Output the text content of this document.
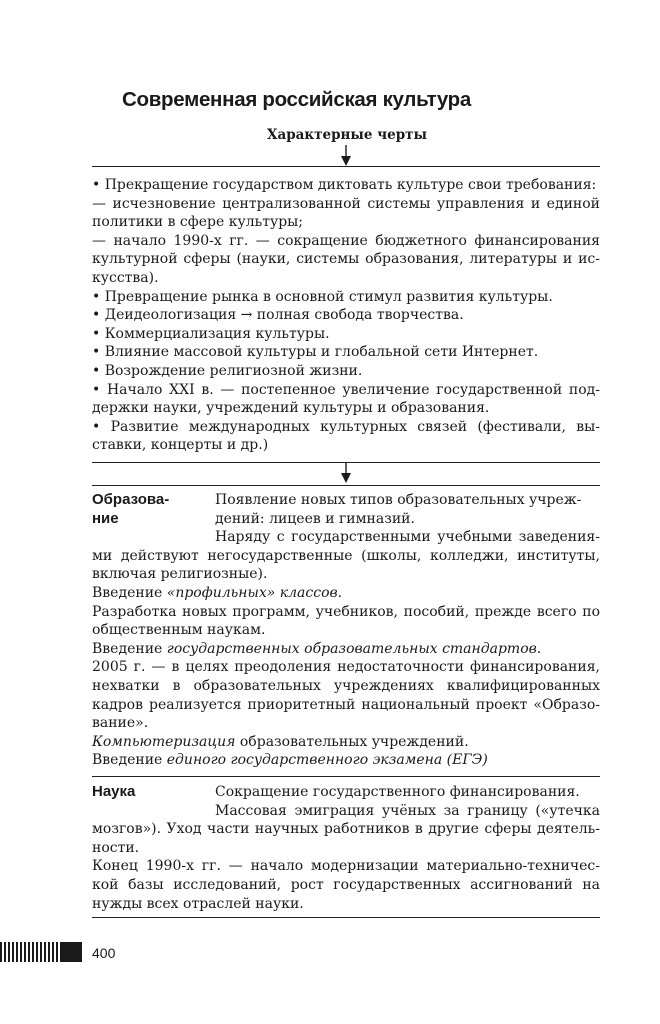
Современная российская культура
Характерные черты

• Прекращение государством диктовать культуре свои требования:

— исчезновение централизованной системы управления и единой политики в сфере культуры;

— начало 1990-х гг. — сокращение бюджетного финансирования культурной сферы (науки, системы образования, литературы и искусства).

• Превращение рынка в основной стимул развития культуры.

• Деидеологизация → полная свобода творчества.

• Коммерциализация культуры.

• Влияние массовой культуры и глобальной сети Интернет.

• Возрождение религиозной жизни.

• Начало XXI в. — постепенное увеличение государственной поддержки науки, учреждений культуры и образования.

• Развитие международных культурных связей (фестивали, выставки, концерты и др.)

Образова-
ние

Появление новых типов образовательных учреж-

дений: лицеев и гимназий.

Наряду с государственными учебными заведениями действуют негосударственные (школы, колледжи, институты, включая религиозные).

Введение «профильных» классов.

Разработка новых программ, учебников, пособий, прежде всего по общественным наукам.

Введение государственных образовательных стандартов.

2005 г. — в целях преодоления недостаточности финансирования, нехватки в образовательных учреждениях квалифицированных кадров реализуется приоритетный национальный проект «Образование».

Компьютеризация образовательных учреждений.

Введение единого государственного экзамена (ЕГЭ)

Наука	Сокращение государственного финансирования.

Массовая эмиграция учёных за границу («утечка мозгов»). Уход части научных работников в другие сферы деятельности.

Конец 1990-х гг. — начало модернизации материально-технической базы исследований, рост государственных ассигнований на нужды всех отраслей науки.

400
